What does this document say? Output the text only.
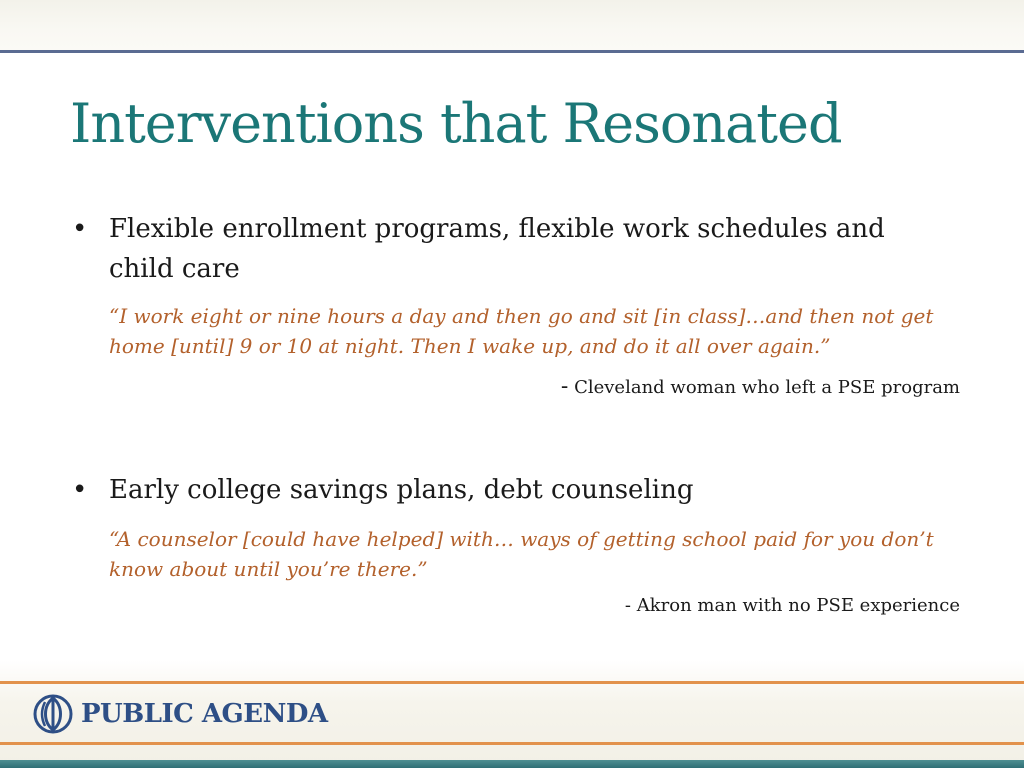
Interventions that Resonated
• Flexible enrollment programs, flexible work schedules and child care
“I work eight or nine hours a day and then go and sit [in class]…and then not get home [until] 9 or 10 at night. Then I wake up, and do it all over again.”
- Cleveland woman who left a PSE program
• Early college savings plans, debt counseling
“A counselor [could have helped] with… ways of getting school paid for you don’t know about until you’re there.”
- Akron man with no PSE experience
PUBLIC AGENDA
